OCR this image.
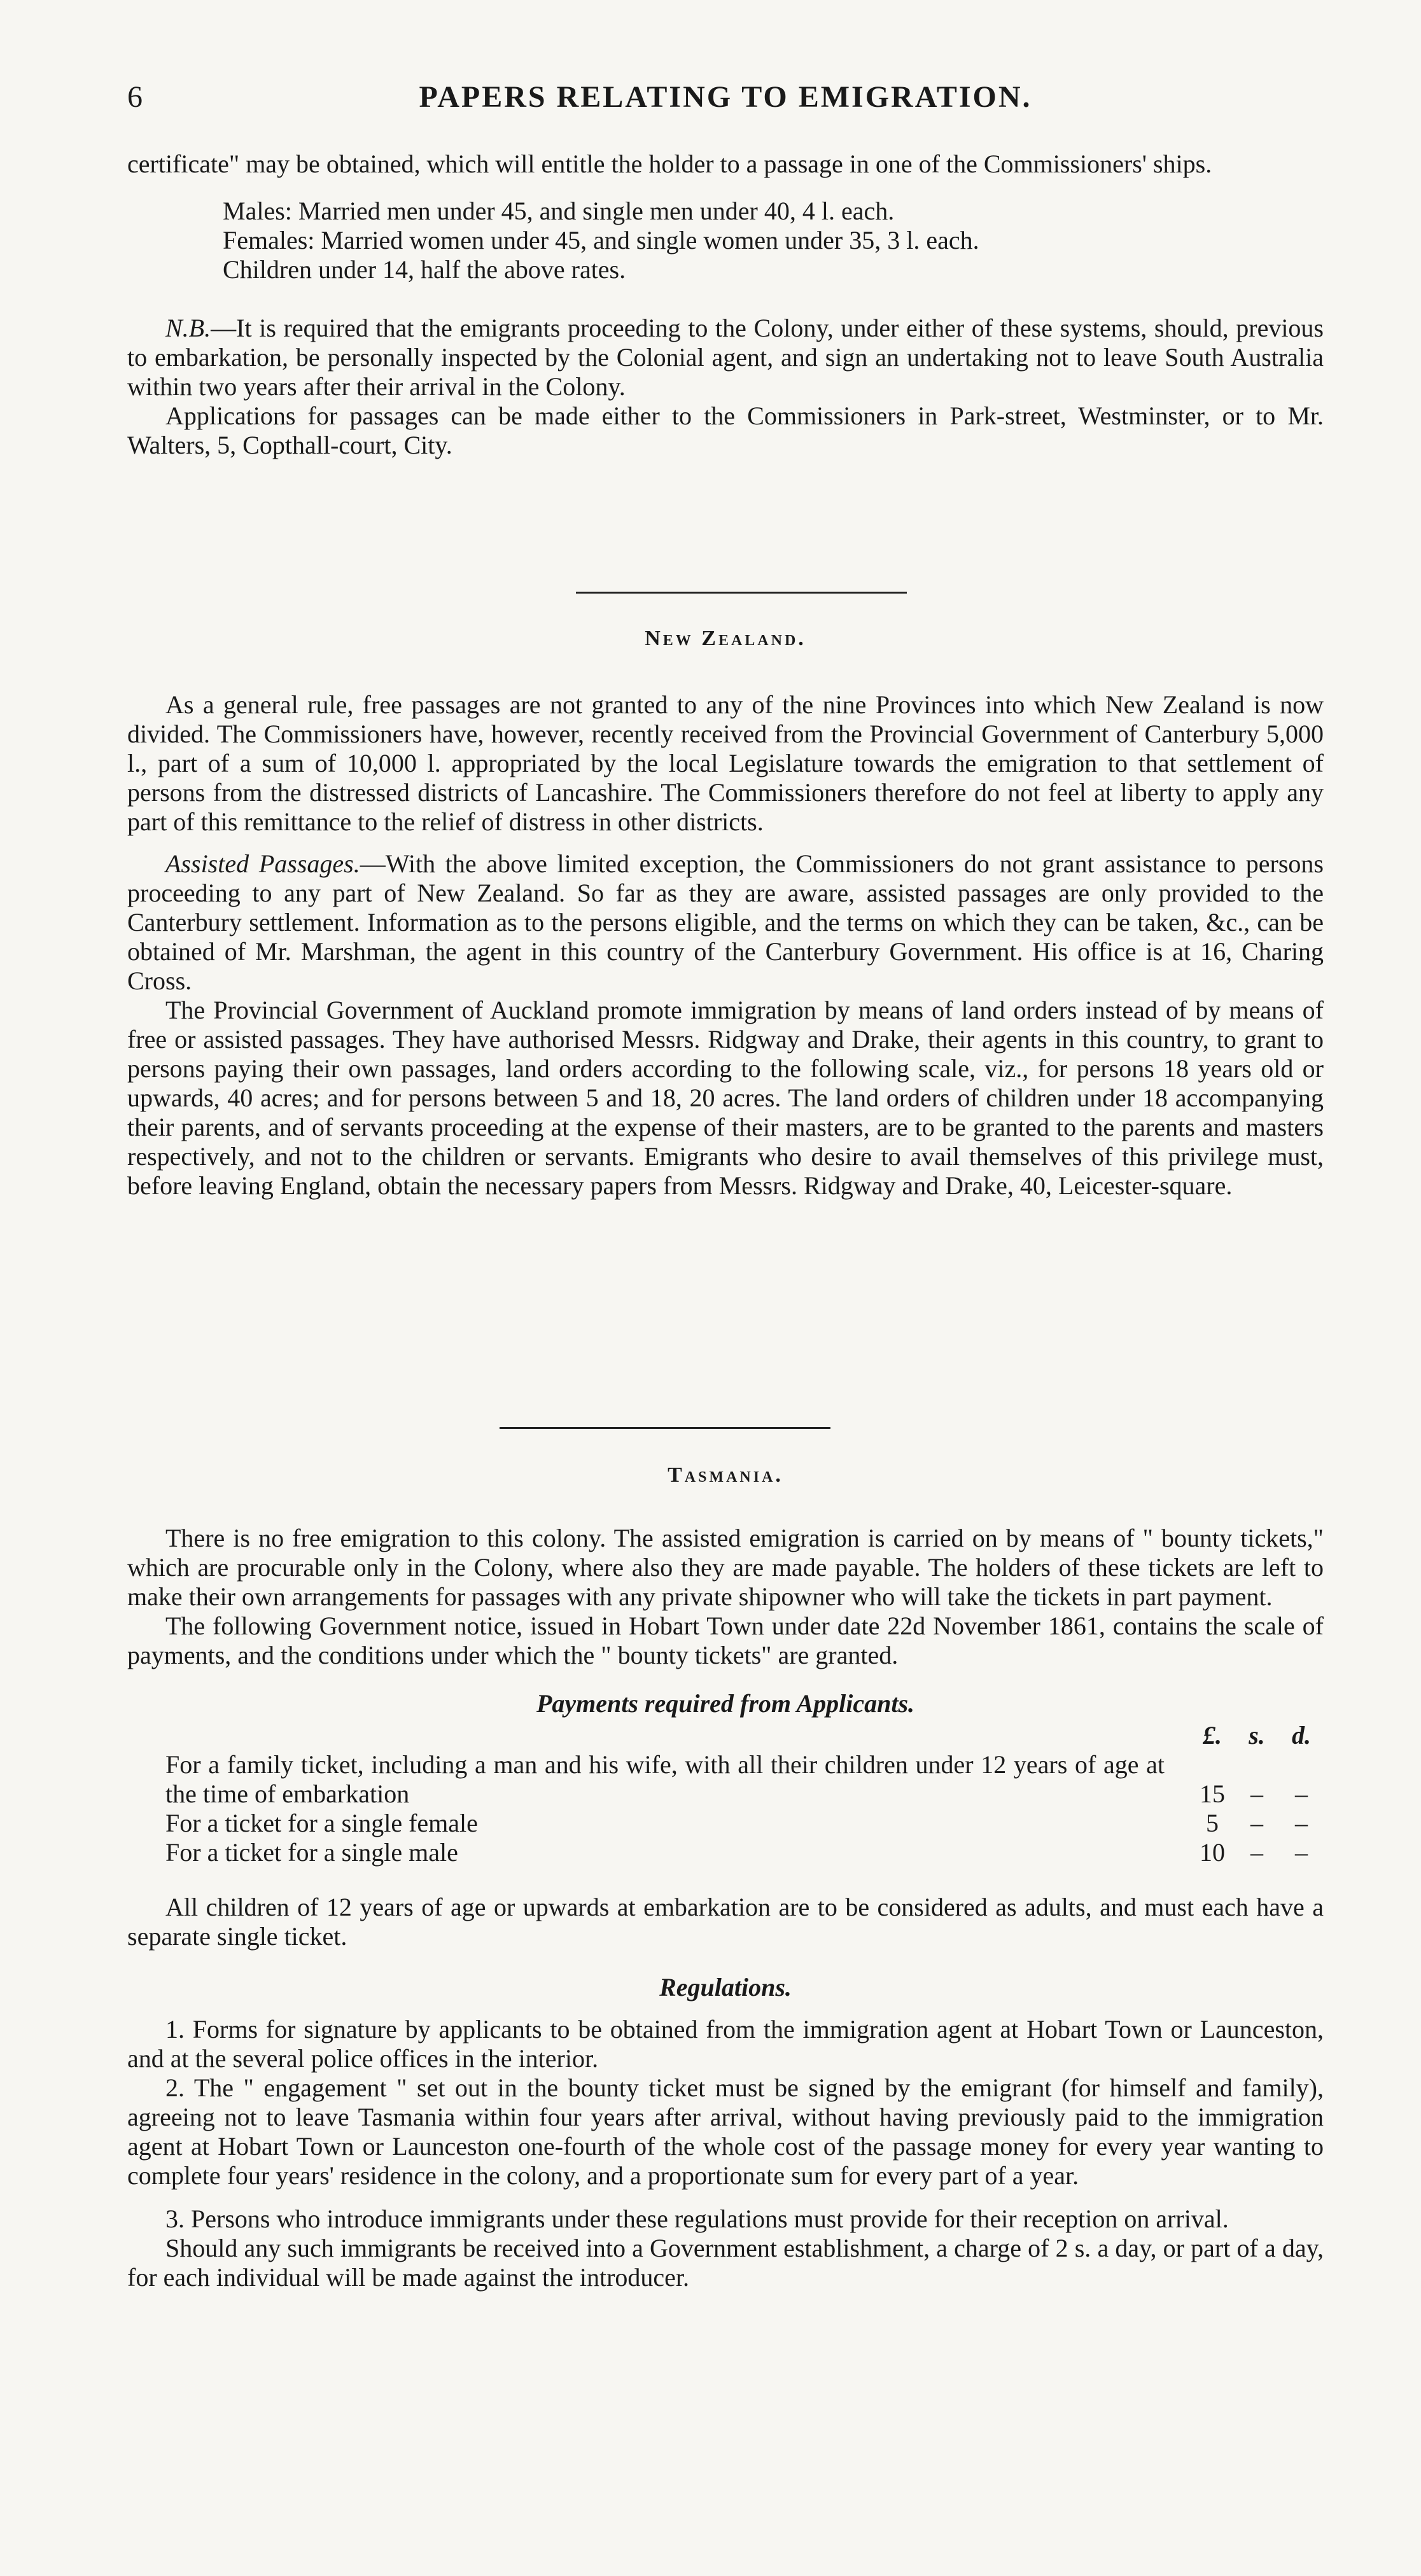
6	PAPERS RELATING TO EMIGRATION.

certificate" may be obtained, which will entitle the holder to a passage in one of the Commissioners' ships.

Males: Married men under 45, and single men under 40, 4 l. each.
Females: Married women under 45, and single women under 35, 3 l. each.
Children under 14, half the above rates.

N.B.—It is required that the emigrants proceeding to the Colony, under either of these systems, should, previous to embarkation, be personally inspected by the Colonial agent, and sign an undertaking not to leave South Australia within two years after their arrival in the Colony.

Applications for passages can be made either to the Commissioners in Park-street, Westminster, or to Mr. Walters, 5, Copthall-court, City.

New Zealand.

As a general rule, free passages are not granted to any of the nine Provinces into which New Zealand is now divided. The Commissioners have, however, recently received from the Provincial Government of Canterbury 5,000 l., part of a sum of 10,000 l. appropriated by the local Legislature towards the emigration to that settlement of persons from the distressed districts of Lancashire. The Commissioners therefore do not feel at liberty to apply any part of this remittance to the relief of distress in other districts.

Assisted Passages.—With the above limited exception, the Commissioners do not grant assistance to persons proceeding to any part of New Zealand. So far as they are aware, assisted passages are only provided to the Canterbury settlement. Information as to the persons eligible, and the terms on which they can be taken, &c., can be obtained of Mr. Marshman, the agent in this country of the Canterbury Government. His office is at 16, Charing Cross.

The Provincial Government of Auckland promote immigration by means of land orders instead of by means of free or assisted passages. They have authorised Messrs. Ridgway and Drake, their agents in this country, to grant to persons paying their own passages, land orders according to the following scale, viz., for persons 18 years old or upwards, 40 acres; and for persons between 5 and 18, 20 acres. The land orders of children under 18 accompanying their parents, and of servants proceeding at the expense of their masters, are to be granted to the parents and masters respectively, and not to the children or servants. Emigrants who desire to avail themselves of this privilege must, before leaving England, obtain the necessary papers from Messrs. Ridgway and Drake, 40, Leicester-square.

Tasmania.

There is no free emigration to this colony. The assisted emigration is carried on by means of " bounty tickets," which are procurable only in the Colony, where also they are made payable. The holders of these tickets are left to make their own arrangements for passages with any private shipowner who will take the tickets in part payment.

The following Government notice, issued in Hobart Town under date 22d November 1861, contains the scale of payments, and the conditions under which the " bounty tickets" are granted.

Payments required from Applicants.
	£.	s.	d.
For a family ticket, including a man and his wife, with all their children under 12 years of age at the time of embarkation	15	–	–
For a ticket for a single female	5	–	–
For a ticket for a single male	10	–	–

All children of 12 years of age or upwards at embarkation are to be considered as adults, and must each have a separate single ticket.

Regulations.

1. Forms for signature by applicants to be obtained from the immigration agent at Hobart Town or Launceston, and at the several police offices in the interior.

2. The " engagement " set out in the bounty ticket must be signed by the emigrant (for himself and family), agreeing not to leave Tasmania within four years after arrival, without having previously paid to the immigration agent at Hobart Town or Launceston one-fourth of the whole cost of the passage money for every year wanting to complete four years' residence in the colony, and a proportionate sum for every part of a year.

3. Persons who introduce immigrants under these regulations must provide for their reception on arrival.

Should any such immigrants be received into a Government establishment, a charge of 2 s. a day, or part of a day, for each individual will be made against the introducer.
